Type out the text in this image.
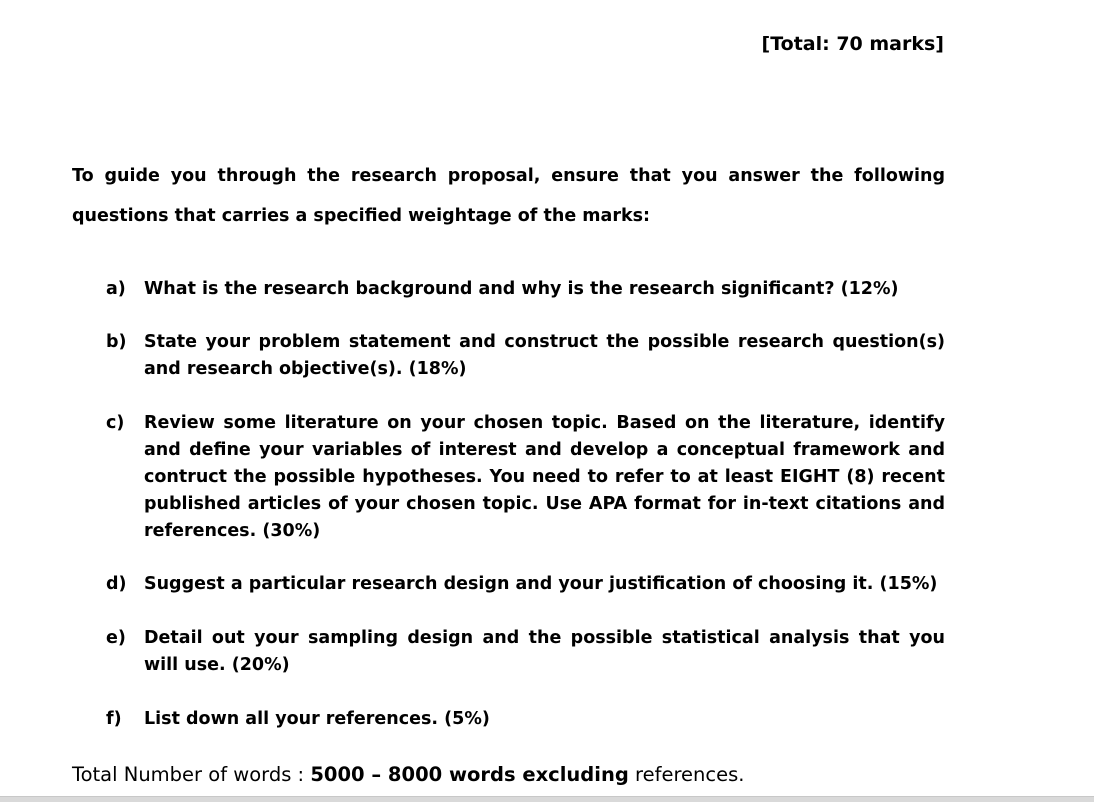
[Total: 70 marks]
To guide you through the research proposal, ensure that you answer the following questions that carries a specified weightage of the marks:
a)	What is the research background and why is the research significant? (12%)
b) State your problem statement and construct the possible research question(s) and research objective(s). (18%)
c)	Review some literature on your chosen topic. Based on the literature, identify and define your variables of interest and develop a conceptual framework and contruct the possible hypotheses. You need to refer to at least EIGHT (8) recent published articles of your chosen topic. Use APA format for in-text citations and references. (30%)
d) Suggest a particular research design and your justification of choosing it. (15%)
e)	Detail out your sampling design and the possible statistical analysis that you will use. (20%)
f)	List down all your references. (5%)
Total Number of words : 5000 – 8000 words excluding references.
